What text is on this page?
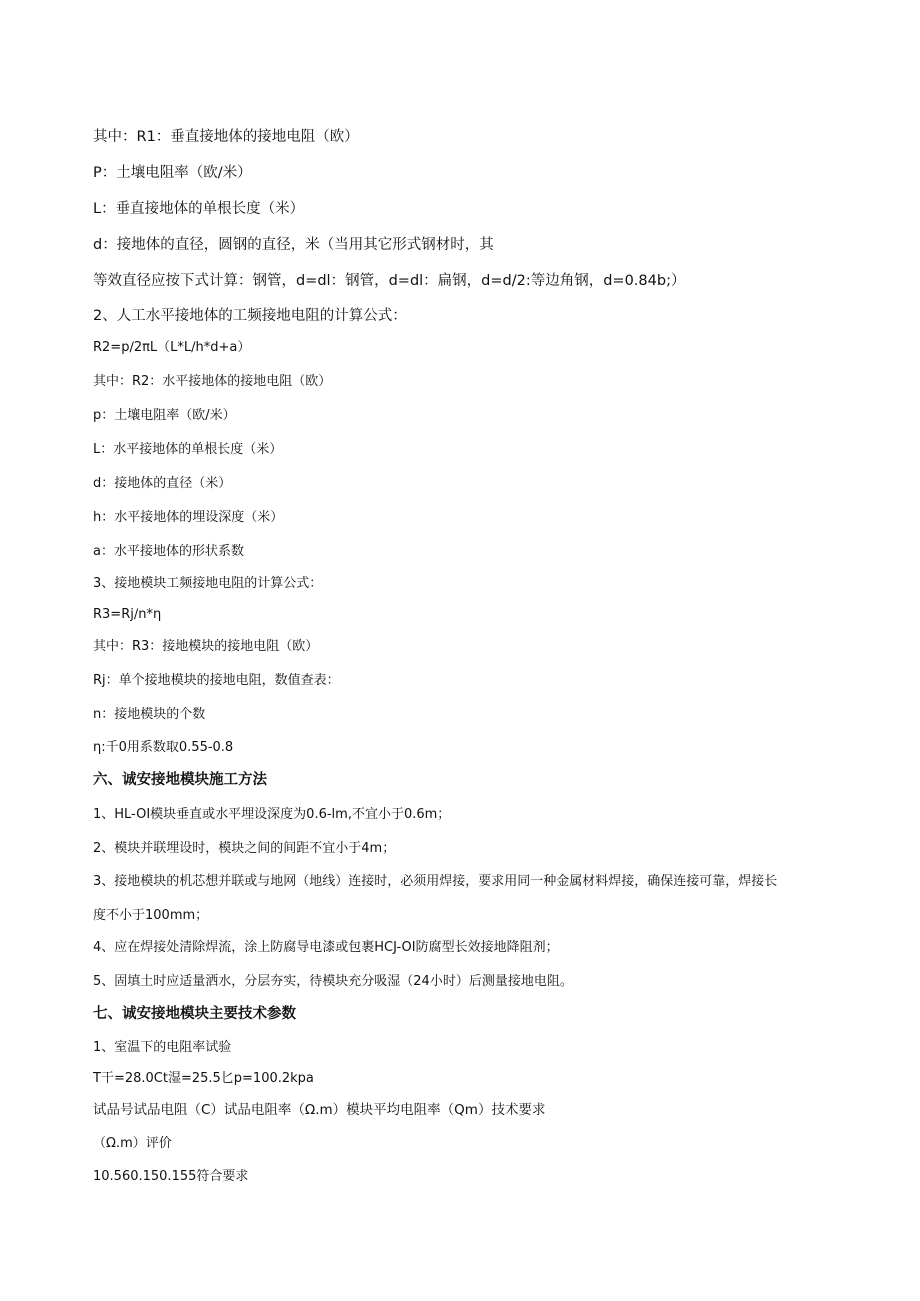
其中：R1：垂直接地体的接地电阻（欧）
P：土壤电阻率（欧/米）
L：垂直接地体的单根长度（米）
d：接地体的直径，圆钢的直径，米（当用其它形式钢材时，其
等效直径应按下式计算：钢管，d=dl：钢管，d=dl：扁钢，d=d∕2:等边角钢，d=0.84b;）
2、人工水平接地体的工频接地电阻的计算公式：
R2=p∕2πL（L*L∕h*d+a）
其中：R2：水平接地体的接地电阻（欧）
p：土壤电阻率（欧/米）
L：水平接地体的单根长度（米）
d：接地体的直径（米）
h：水平接地体的埋设深度（米）
a：水平接地体的形状系数
3、接地模块工频接地电阻的计算公式：
R3=Rj∕n*η
其中：R3：接地模块的接地电阻（欧）
Rj：单个接地模块的接地电阻，数值查表：
n：接地模块的个数
η:千0用系数取0.55-0.8
六、诚安接地模块施工方法
1、HL-OI模块垂直或水平埋设深度为0.6-lm,不宜小于0.6m；
2、模块并联埋设时，模块之间的间距不宜小于4m；
3、接地模块的机芯想并联或与地网（地线）连接时，必须用焊接，要求用同一种金属材料焊接，确保连接可靠，焊接长
度不小于100mm；
4、应在焊接处清除焊流，涂上防腐导电漆或包裹HCJ-OI防腐型长效接地降阻剂；
5、固填土时应适量洒水，分层夯实，待模块充分吸湿（24小时）后测量接地电阻。
七、诚安接地模块主要技术参数
1、室温下的电阻率试验
T干=28.0Ct湿=25.5匕p=100.2kpa
试品号试品电阻（C）试品电阻率（Ω.m）模块平均电阻率（Qm）技术要求
（Ω.m）评价
10.560.150.155符合要求
